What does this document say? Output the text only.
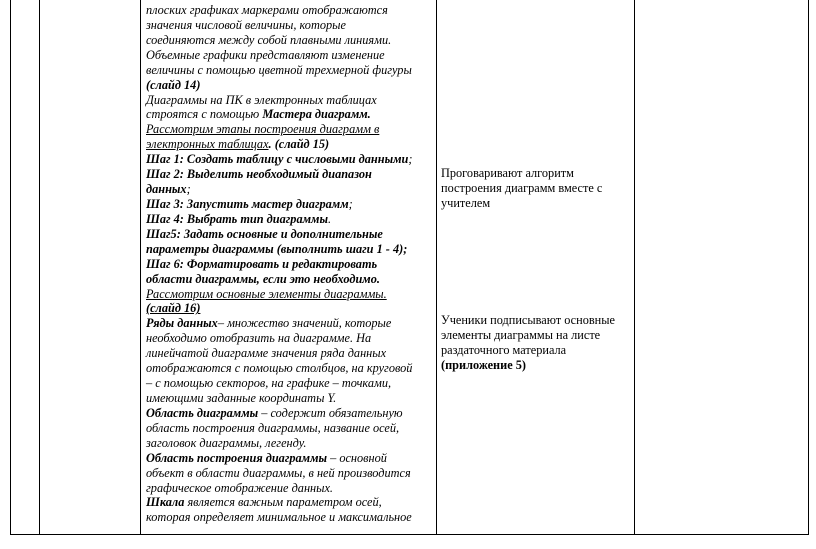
плоских графиках маркерами отображаются
значения числовой величины, которые
соединяются между собой плавными линиями.
Объемные графики представляют изменение
величины с помощью цветной трехмерной фигуры
(слайд 14)
Диаграммы на ПК в электронных таблицах
строятся с помощью Мастера диаграмм.
Рассмотрим этапы построения диаграмм в
электронных таблицах. (слайд 15)
Шаг 1: Создать таблицу с числовыми данными;
Шаг 2: Выделить необходимый диапазон
данных;
Шаг 3: Запустить мастер диаграмм;
Шаг 4: Выбрать тип диаграммы.
Шаг5: Задать основные и дополнительные
параметры диаграммы (выполнить шаги 1 - 4);
Шаг 6: Форматировать и редактировать
области диаграммы, если это необходимо.
Рассмотрим основные элементы диаграммы.
(слайд 16)
Ряды данных– множество значений, которые
необходимо отобразить на диаграмме. На
линейчатой диаграмме значения ряда данных
отображаются с помощью столбцов, на круговой
– с помощью секторов, на графике – точками,
имеющими заданные координаты Y.
Область диаграммы – содержит обязательную
область построения диаграммы, название осей,
заголовок диаграммы, легенду.
Область построения диаграммы – основной
объект в области диаграммы, в ней производится
графическое отображение данных.
Шкала является важным параметром осей,
которая определяет минимальное и максимальное
Проговаривают алгоритм
построения диаграмм вместе с
учителем
Ученики подписывают основные
элементы диаграммы на листе
раздаточного материала
(приложение 5)
